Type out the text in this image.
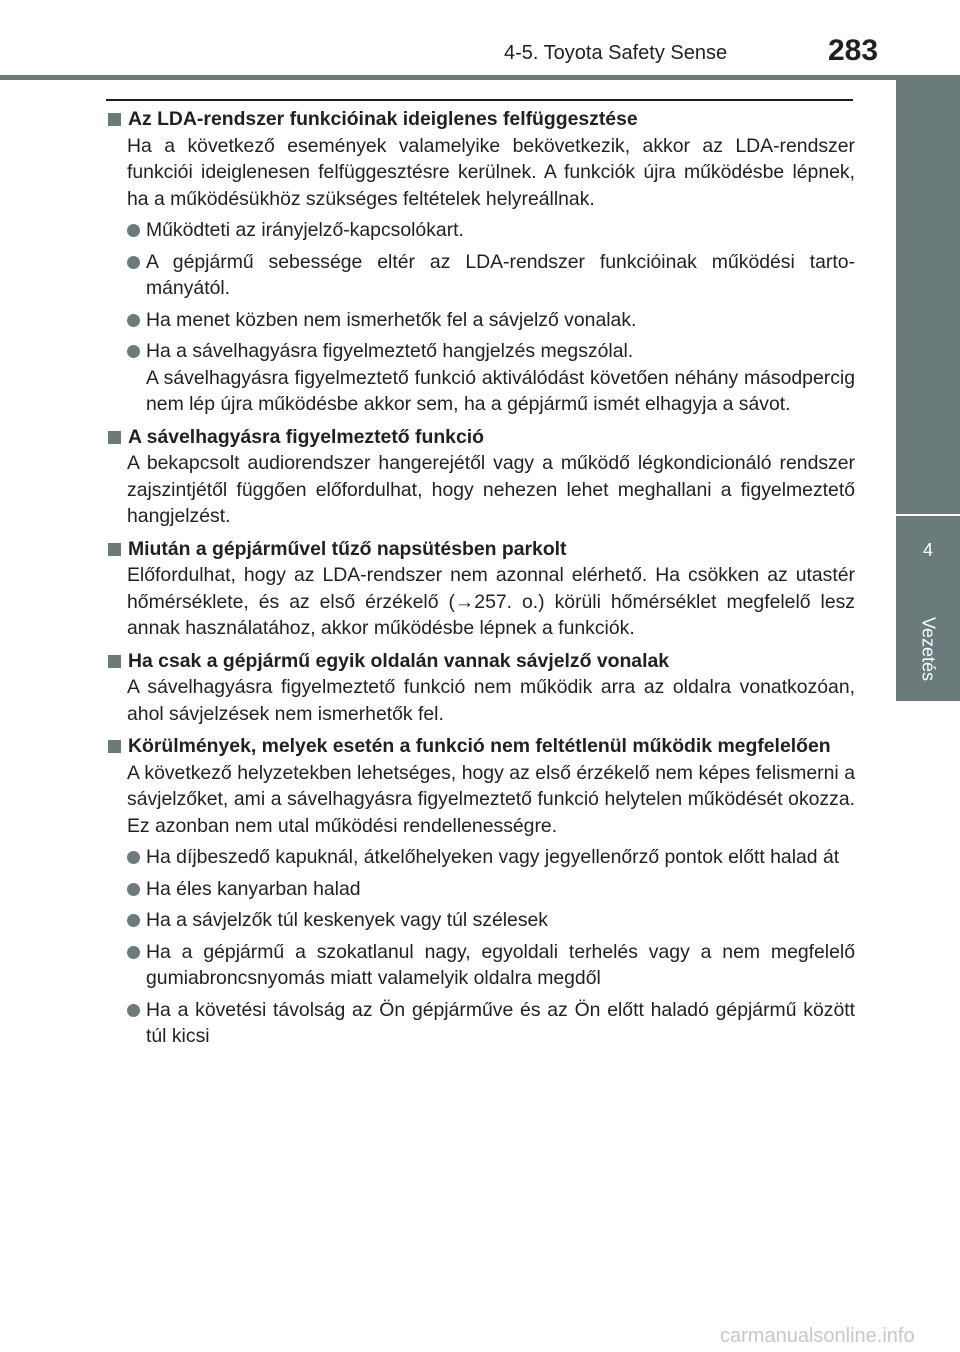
4-5. Toyota Safety Sense	283
4
Vezetés
Az LDA-rendszer funkcióinak ideiglenes felfüggesztése
Ha a következő események valamelyike bekövetkezik, akkor az LDA-rendszer funkciói ideiglenesen felfüggesztésre kerülnek. A funkciók újra működésbe lépnek, ha a működésükhöz szükséges feltételek helyreállnak.
Működteti az irányjelző-kapcsolókart.
A gépjármű sebessége eltér az LDA-rendszer funkcióinak működési tartományától.
Ha menet közben nem ismerhetők fel a sávjelző vonalak.
Ha a sávelhagyásra figyelmeztető hangjelzés megszólal.
A sávelhagyásra figyelmeztető funkció aktiválódást követően néhány másodpercig nem lép újra működésbe akkor sem, ha a gépjármű ismét elhagyja a sávot.
A sávelhagyásra figyelmeztető funkció
A bekapcsolt audiorendszer hangerejétől vagy a működő légkondicionáló rendszer zajszintjétől függően előfordulhat, hogy nehezen lehet meghallani a figyelmeztető hangjelzést.
Miután a gépjárművel tűző napsütésben parkolt
Előfordulhat, hogy az LDA-rendszer nem azonnal elérhető. Ha csökken az utastér hőmérséklete, és az első érzékelő (→257. o.) körüli hőmérséklet megfelelő lesz annak használatához, akkor működésbe lépnek a funkciók.
Ha csak a gépjármű egyik oldalán vannak sávjelző vonalak
A sávelhagyásra figyelmeztető funkció nem működik arra az oldalra vonatkozóan, ahol sávjelzések nem ismerhetők fel.
Körülmények, melyek esetén a funkció nem feltétlenül működik megfelelően
A következő helyzetekben lehetséges, hogy az első érzékelő nem képes felismerni a sávjelzőket, ami a sávelhagyásra figyelmeztető funkció helytelen működését okozza. Ez azonban nem utal működési rendellenességre.
Ha díjbeszedő kapuknál, átkelőhelyeken vagy jegyellenőrző pontok előtt halad át
Ha éles kanyarban halad
Ha a sávjelzők túl keskenyek vagy túl szélesek
Ha a gépjármű a szokatlanul nagy, egyoldali terhelés vagy a nem megfelelő gumiabroncsnyomás miatt valamelyik oldalra megdől
Ha a követési távolság az Ön gépjárművе és az Ön előtt haladó gépjármű között túl kicsi
carmanualsonline.info
